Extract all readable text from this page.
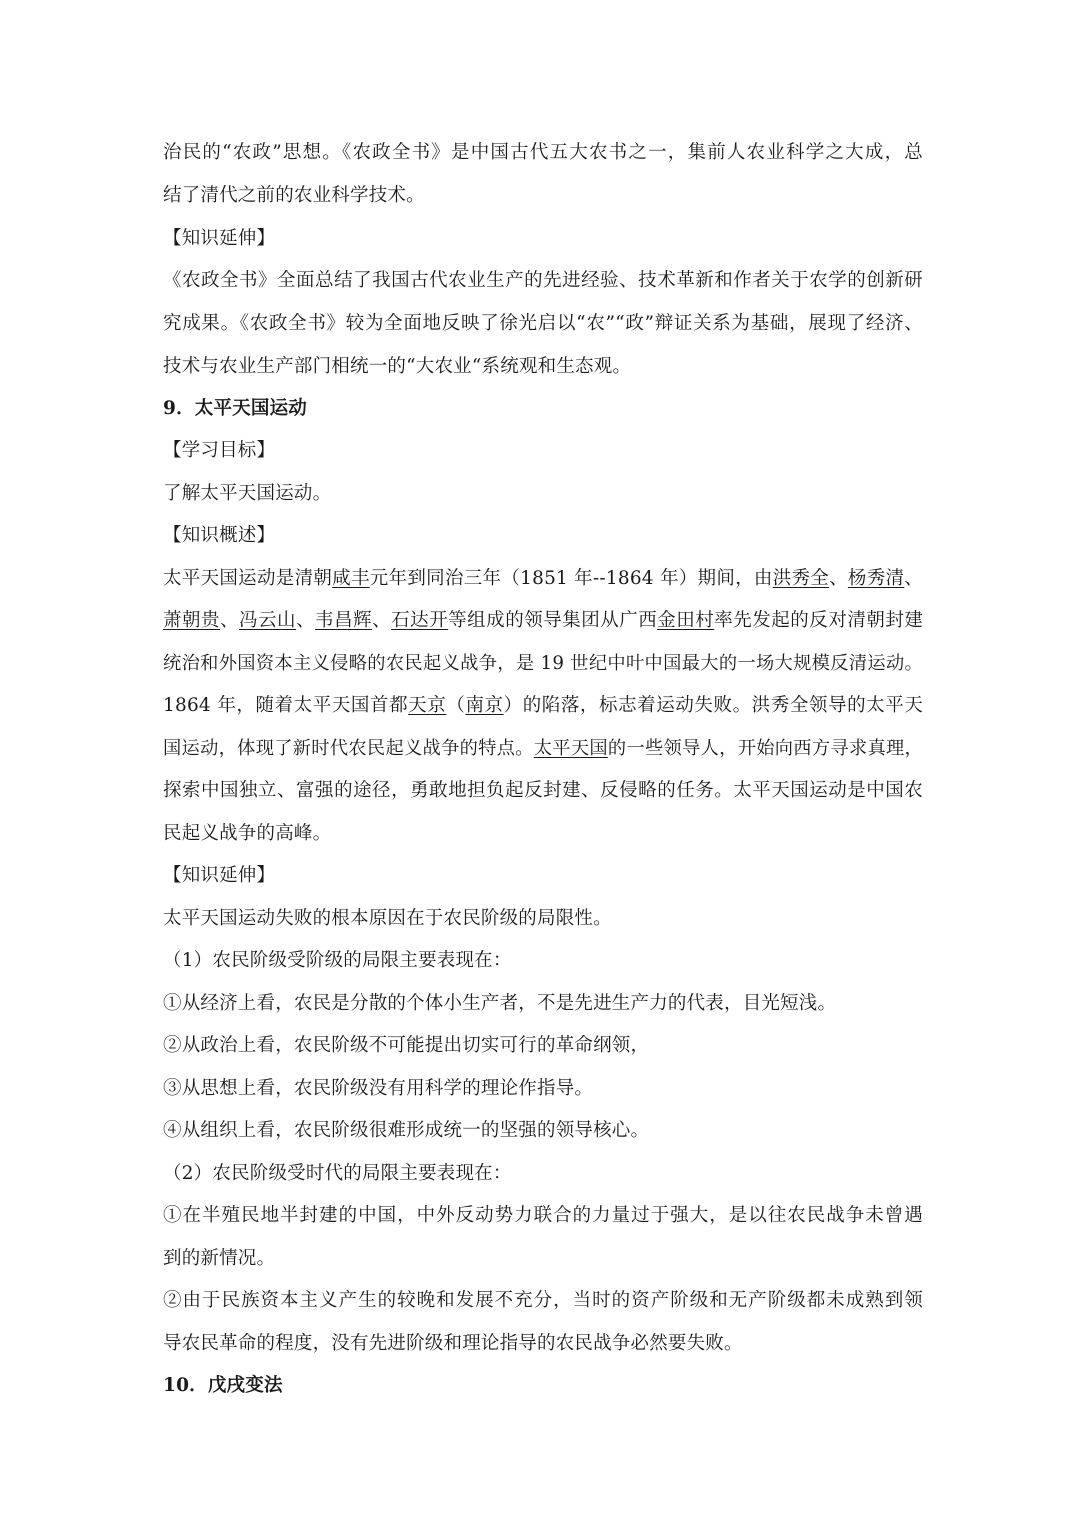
治民的“农政”思想。《农政全书》是中国古代五大农书之一，集前人农业科学之大成，总
结了清代之前的农业科学技术。
【知识延伸】
《农政全书》全面总结了我国古代农业生产的先进经验、技术革新和作者关于农学的创新研
究成果。《农政全书》较为全面地反映了徐光启以“农”“政”辩证关系为基础，展现了经济、
技术与农业生产部门相统一的“大农业“系统观和生态观。
9．太平天国运动
【学习目标】
了解太平天国运动。
【知识概述】
太平天国运动是清朝咸丰元年到同治三年（1851 年--1864 年）期间，由洪秀全、杨秀清、
萧朝贵、冯云山、韦昌辉、石达开等组成的领导集团从广西金田村率先发起的反对清朝封建
统治和外国资本主义侵略的农民起义战争，是 19 世纪中叶中国最大的一场大规模反清运动。
1864 年，随着太平天国首都天京（南京）的陷落，标志着运动失败。洪秀全领导的太平天
国运动，体现了新时代农民起义战争的特点。太平天国的一些领导人，开始向西方寻求真理，
探索中国独立、富强的途径，勇敢地担负起反封建、反侵略的任务。太平天国运动是中国农
民起义战争的高峰。
【知识延伸】
太平天国运动失败的根本原因在于农民阶级的局限性。
（1）农民阶级受阶级的局限主要表现在：
①从经济上看，农民是分散的个体小生产者，不是先进生产力的代表，目光短浅。
②从政治上看，农民阶级不可能提出切实可行的革命纲领，
③从思想上看，农民阶级没有用科学的理论作指导。
④从组织上看，农民阶级很难形成统一的坚强的领导核心。
（2）农民阶级受时代的局限主要表现在：
①在半殖民地半封建的中国，中外反动势力联合的力量过于强大，是以往农民战争未曾遇
到的新情况。
②由于民族资本主义产生的较晚和发展不充分，当时的资产阶级和无产阶级都未成熟到领
导农民革命的程度，没有先进阶级和理论指导的农民战争必然要失败。
10．戊戌变法
